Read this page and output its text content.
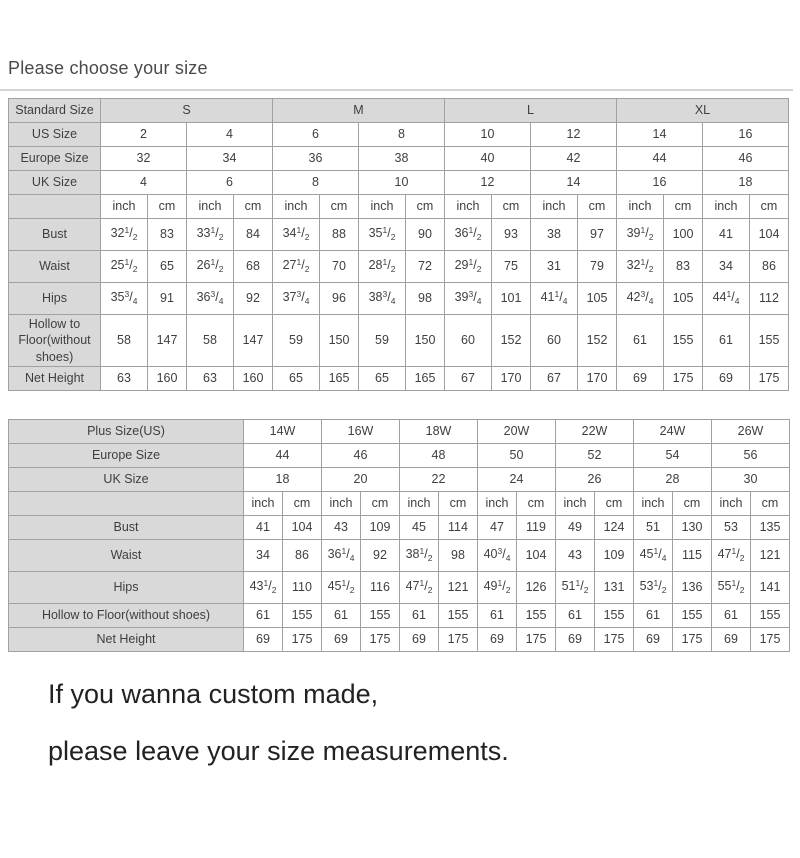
Please choose your size
Standard Size	S				M				L				XL			
US Size	2		4		6		8		10		12		14		16	
Europe Size	32		34		36		38		40		42		44		46	
UK Size	4		6		8		10		12		14		16		18	
	inch	cm	inch	cm	inch	cm	inch	cm	inch	cm	inch	cm	inch	cm	inch	cm
Bust	$32^1/_2$	83	$33^1/_2$	84	$34^1/_2$	88	$35^1/_2$	90	$36^1/_2$	93	38	97	$39^1/_2$	100	41	104
Waist	$25^1/_2$	65	$26^1/_2$	68	$27^1/_2$	70	$28^1/_2$	72	$29^1/_2$	75	31	79	$32^1/_2$	83	34	86
Hips	$35^3/_4$	91	$36^3/_4$	92	$37^3/_4$	96	$38^3/_4$	98	$39^3/_4$	101	$41^1/_4$	105	$42^3/_4$	105	$44^1/_4$	112
Hollow to Floor(without shoes)	58	147	58	147	59	150	59	150	60	152	60	152	61	155	61	155
Net Height	63	160	63	160	65	165	65	165	67	170	67	170	69	175	69	175
Plus Size(US)	14W		16W		18W		20W		22W		24W		26W	
Europe Size	44		46		48		50		52		54		56	
UK Size	18		20		22		24		26		28		30	
	inch	cm	inch	cm	inch	cm	inch	cm	inch	cm	inch	cm	inch	cm
Bust	41	104	43	109	45	114	47	119	49	124	51	130	53	135
Waist	34	86	$36^1/_4$	92	$38^1/_2$	98	$40^3/_4$	104	43	109	$45^1/_4$	115	$47^1/_2$	121
Hips	$43^1/_2$	110	$45^1/_2$	116	$47^1/_2$	121	$49^1/_2$	126	$51^1/_2$	131	$53^1/_2$	136	$55^1/_2$	141
Hollow to Floor(without shoes)	61	155	61	155	61	155	61	155	61	155	61	155	61	155
Net Height	69	175	69	175	69	175	69	175	69	175	69	175	69	175

If you wanna custom made,

please leave your size measurements.
